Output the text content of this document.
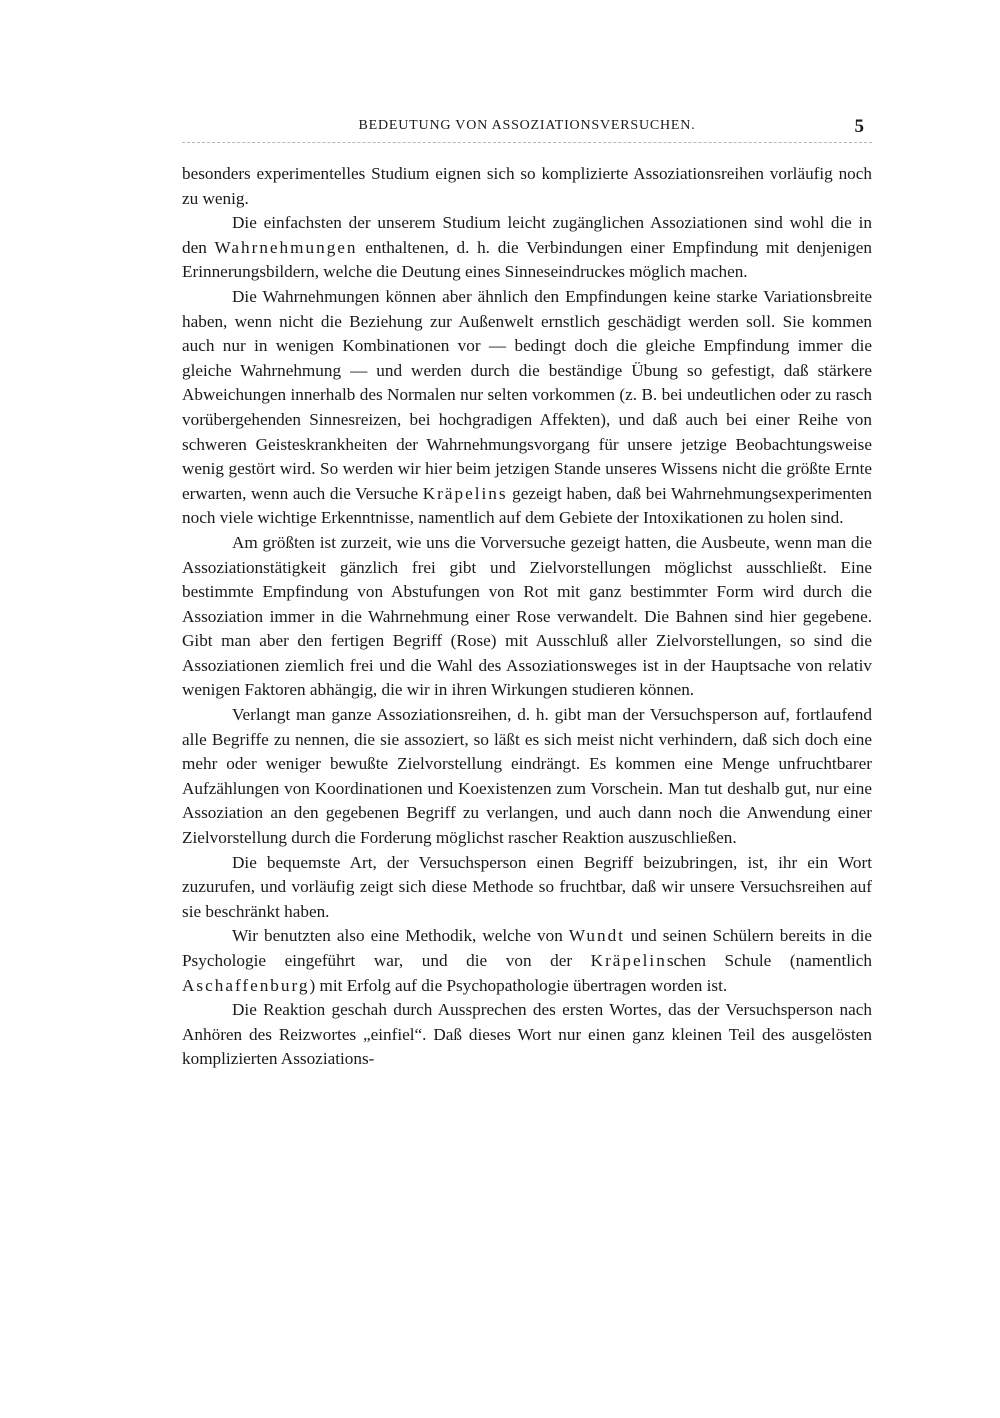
BEDEUTUNG VON ASSOZIATIONSVERSUCHEN.	5

besonders experimentelles Studium eignen sich so komplizierte Assoziationsreihen vorläufig noch zu wenig.

Die einfachsten der unserem Studium leicht zugänglichen Assoziationen sind wohl die in den Wahrnehmungen enthaltenen, d. h. die Verbindungen einer Empfindung mit denjenigen Erinnerungsbildern, welche die Deutung eines Sinneseindruckes möglich machen.

Die Wahrnehmungen können aber ähnlich den Empfindungen keine starke Variationsbreite haben, wenn nicht die Beziehung zur Außenwelt ernstlich geschädigt werden soll. Sie kommen auch nur in wenigen Kombinationen vor — bedingt doch die gleiche Empfindung immer die gleiche Wahrnehmung — und werden durch die beständige Übung so gefestigt, daß stärkere Abweichungen innerhalb des Normalen nur selten vorkommen (z. B. bei undeutlichen oder zu rasch vorübergehenden Sinnesreizen, bei hochgradigen Affekten), und daß auch bei einer Reihe von schweren Geisteskrankheiten der Wahrnehmungsvorgang für unsere jetzige Beobachtungsweise wenig gestört wird. So werden wir hier beim jetzigen Stande unseres Wissens nicht die größte Ernte erwarten, wenn auch die Versuche Kräpelins gezeigt haben, daß bei Wahrnehmungsexperimenten noch viele wichtige Erkenntnisse, namentlich auf dem Gebiete der Intoxikationen zu holen sind.

Am größten ist zurzeit, wie uns die Vorversuche gezeigt hatten, die Ausbeute, wenn man die Assoziationstätigkeit gänzlich frei gibt und Zielvorstellungen möglichst ausschließt. Eine bestimmte Empfindung von Abstufungen von Rot mit ganz bestimmter Form wird durch die Assoziation immer in die Wahrnehmung einer Rose verwandelt. Die Bahnen sind hier gegebene. Gibt man aber den fertigen Begriff (Rose) mit Ausschluß aller Zielvorstellungen, so sind die Assoziationen ziemlich frei und die Wahl des Assoziationsweges ist in der Hauptsache von relativ wenigen Faktoren abhängig, die wir in ihren Wirkungen studieren können.

Verlangt man ganze Assoziationsreihen, d. h. gibt man der Versuchsperson auf, fortlaufend alle Begriffe zu nennen, die sie assoziert, so läßt es sich meist nicht verhindern, daß sich doch eine mehr oder weniger bewußte Zielvorstellung eindrängt. Es kommen eine Menge unfruchtbarer Aufzählungen von Koordinationen und Koexistenzen zum Vorschein. Man tut deshalb gut, nur eine Assoziation an den gegebenen Begriff zu verlangen, und auch dann noch die Anwendung einer Zielvorstellung durch die Forderung möglichst rascher Reaktion auszuschließen.

Die bequemste Art, der Versuchsperson einen Begriff beizubringen, ist, ihr ein Wort zuzurufen, und vorläufig zeigt sich diese Methode so fruchtbar, daß wir unsere Versuchsreihen auf sie beschränkt haben.

Wir benutzten also eine Methodik, welche von Wundt und seinen Schülern bereits in die Psychologie eingeführt war, und die von der Kräpelinschen Schule (namentlich Aschaffenburg) mit Erfolg auf die Psychopathologie übertragen worden ist.

Die Reaktion geschah durch Aussprechen des ersten Wortes, das der Versuchsperson nach Anhören des Reizwortes „einfiel“. Daß dieses Wort nur einen ganz kleinen Teil des ausgelösten komplizierten Assoziations-
